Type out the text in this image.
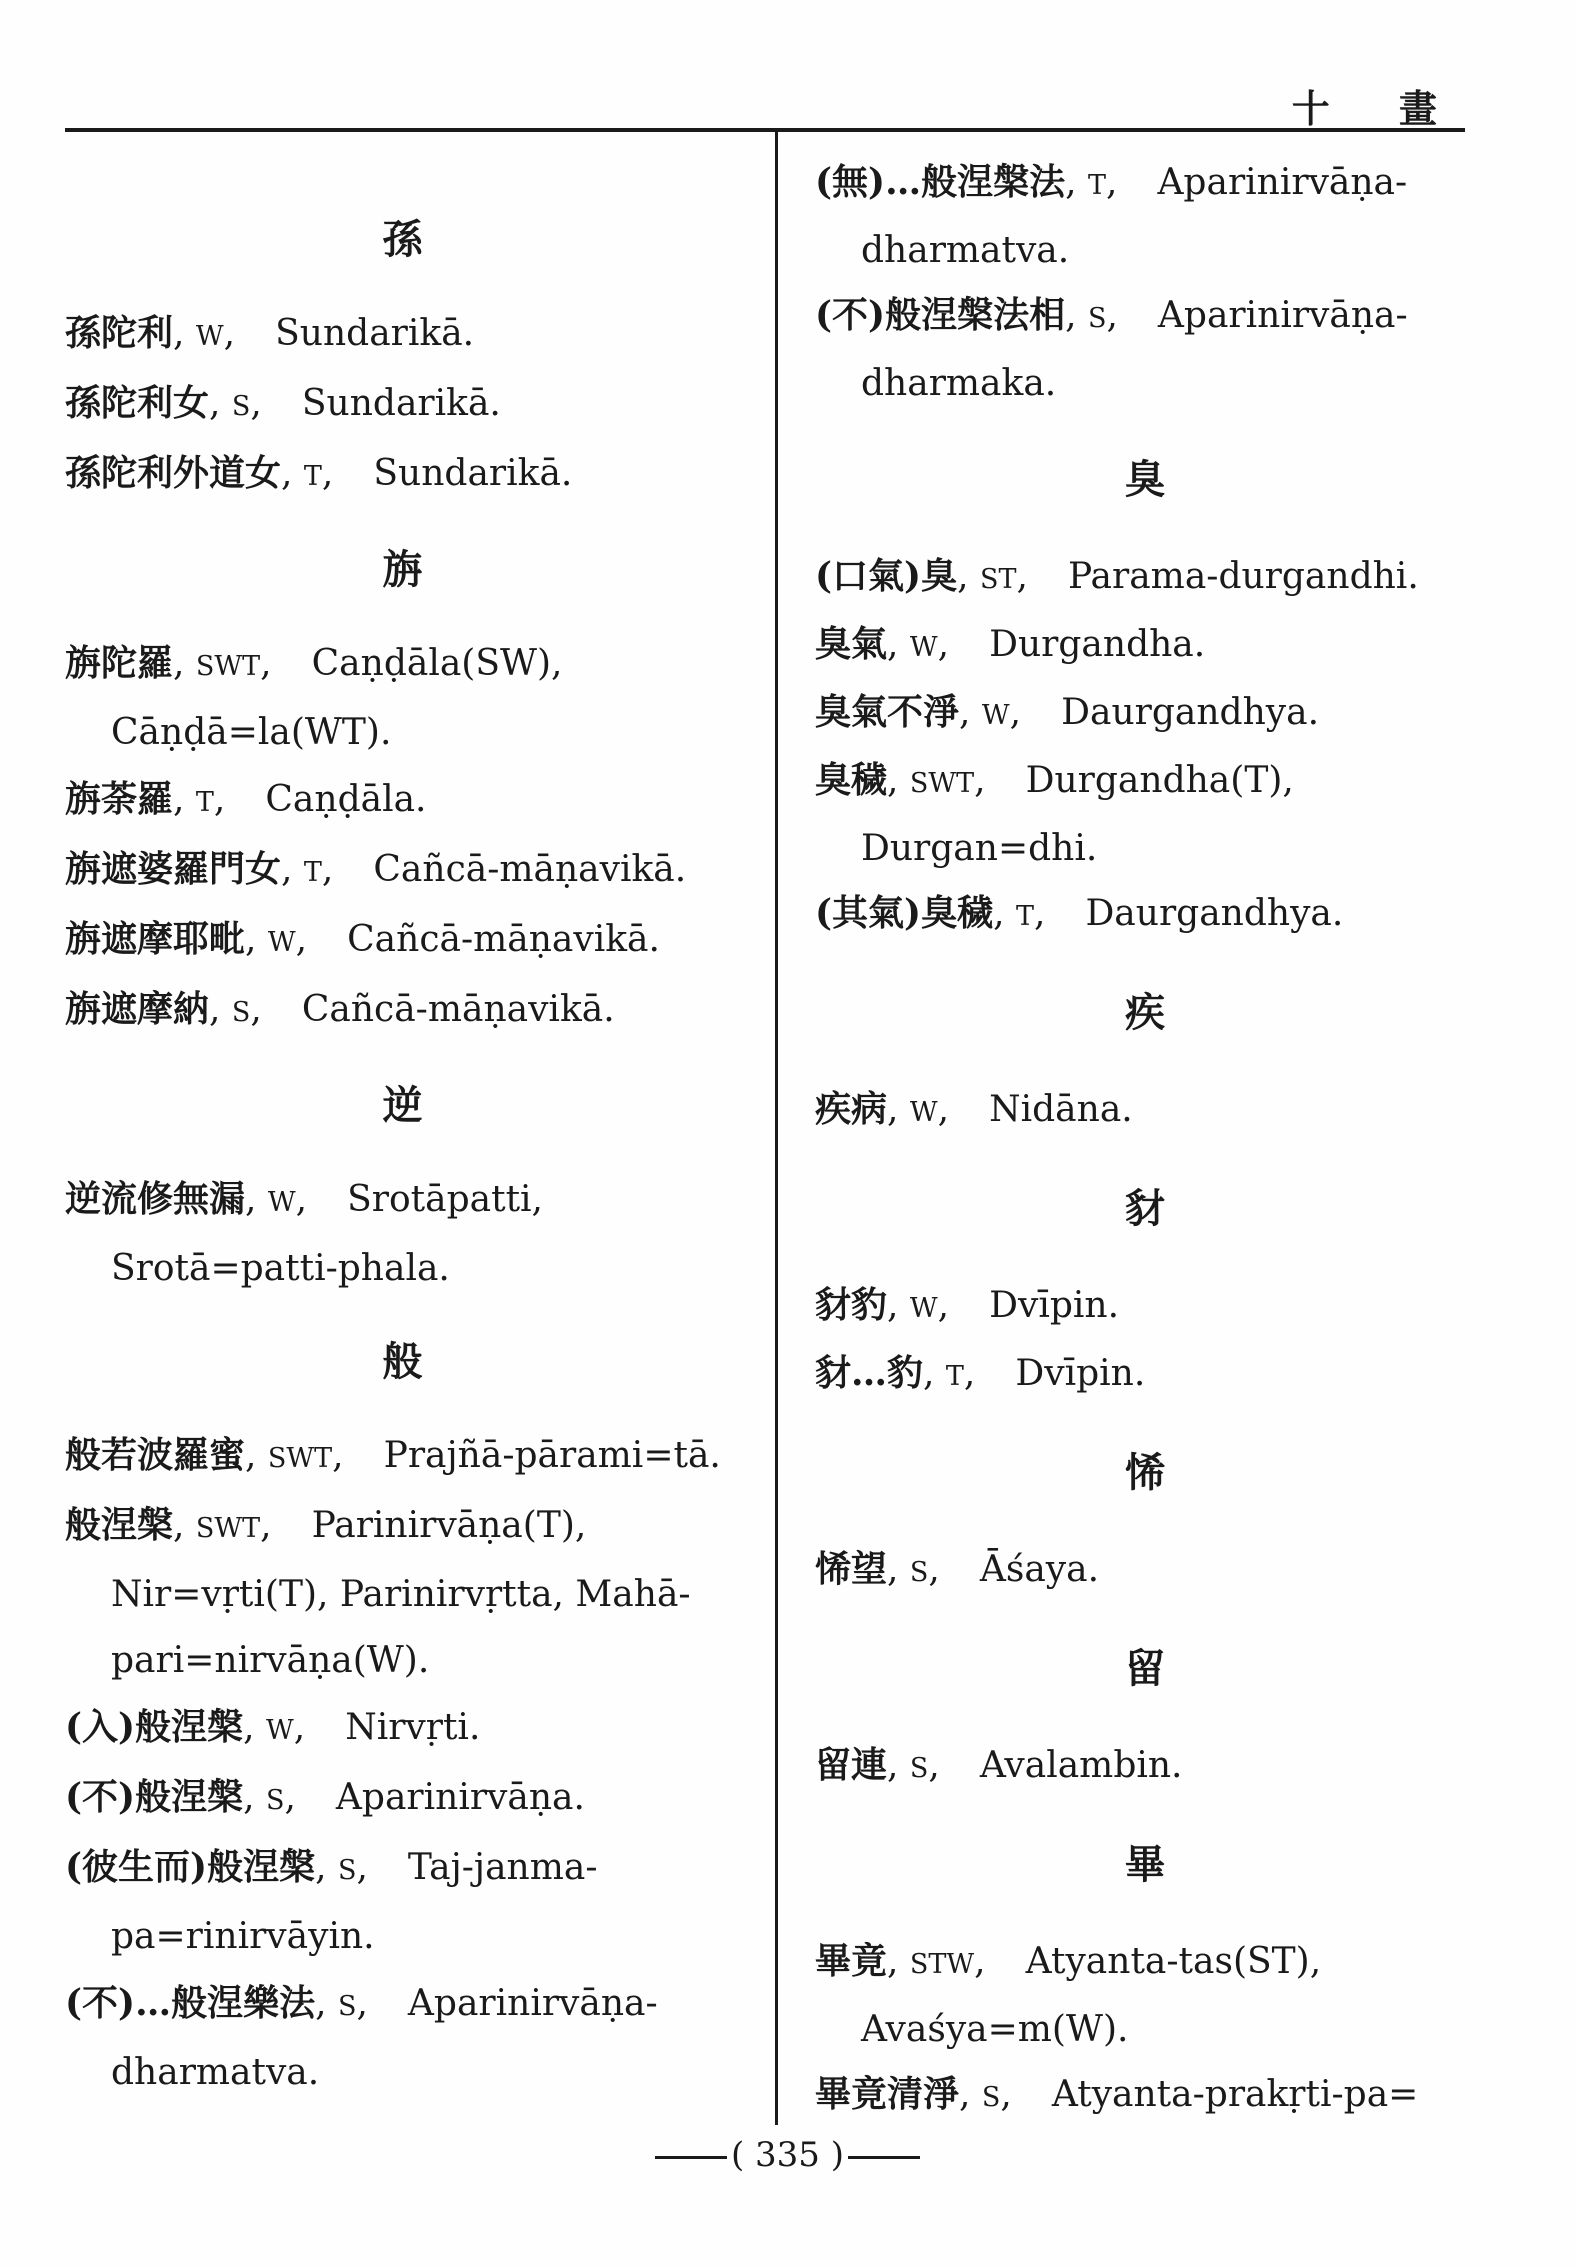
十 畫
孫
孫陀利, W, Sundarikā.
孫陀利女, S, Sundarikā.
孫陀利外道女, T, Sundarikā.
旃
旃陀羅, SWT, Caṇḍāla(SW), Cāṇḍā=la(WT).
旃荼羅, T, Caṇḍāla.
旃遮婆羅門女, T, Cañcā-māṇavikā.
旃遮摩耶毗, W, Cañcā-māṇavikā.
旃遮摩納, S, Cañcā-māṇavikā.
逆
逆流修無漏, W, Srotāpatti, Srotā=patti-phala.
般
般若波羅蜜, SWT, Prajñā-pārami=tā.
般涅槃, SWT, Parinirvāṇa(T), Nir=vṛti(T), Parinirvṛtta, Mahā-pari=nirvāṇa(W).
(入)般涅槃, W, Nirvṛti.
(不)般涅槃, S, Aparinirvāṇa.
(彼生而)般涅槃, S, Taj-janma-pa=rinirvāyin.
(不)…般涅樂法, S, Aparinirvāṇa-dharmatva.
(無)…般涅槃法, T, Aparinirvāṇa-dharmatva.
(不)般涅槃法相, S, Aparinirvāṇa-dharmaka.
臭
(口氣)臭, ST, Parama-durgandhi.
臭氣, W, Durgandha.
臭氣不淨, W, Daurgandhya.
臭穢, SWT, Durgandha(T), Durgan=dhi.
(其氣)臭穢, T, Daurgandhya.
疾
疾病, W, Nidāna.
豺
豺豹, W, Dvīpin.
豺…豹, T, Dvīpin.
悕
悕望, S, Āśaya.
留
留連, S, Avalambin.
畢
畢竟, STW, Atyanta-tas(ST), Avaśya=m(W).
畢竟清淨, S, Atyanta-prakṛti-pa=
( 335 )
